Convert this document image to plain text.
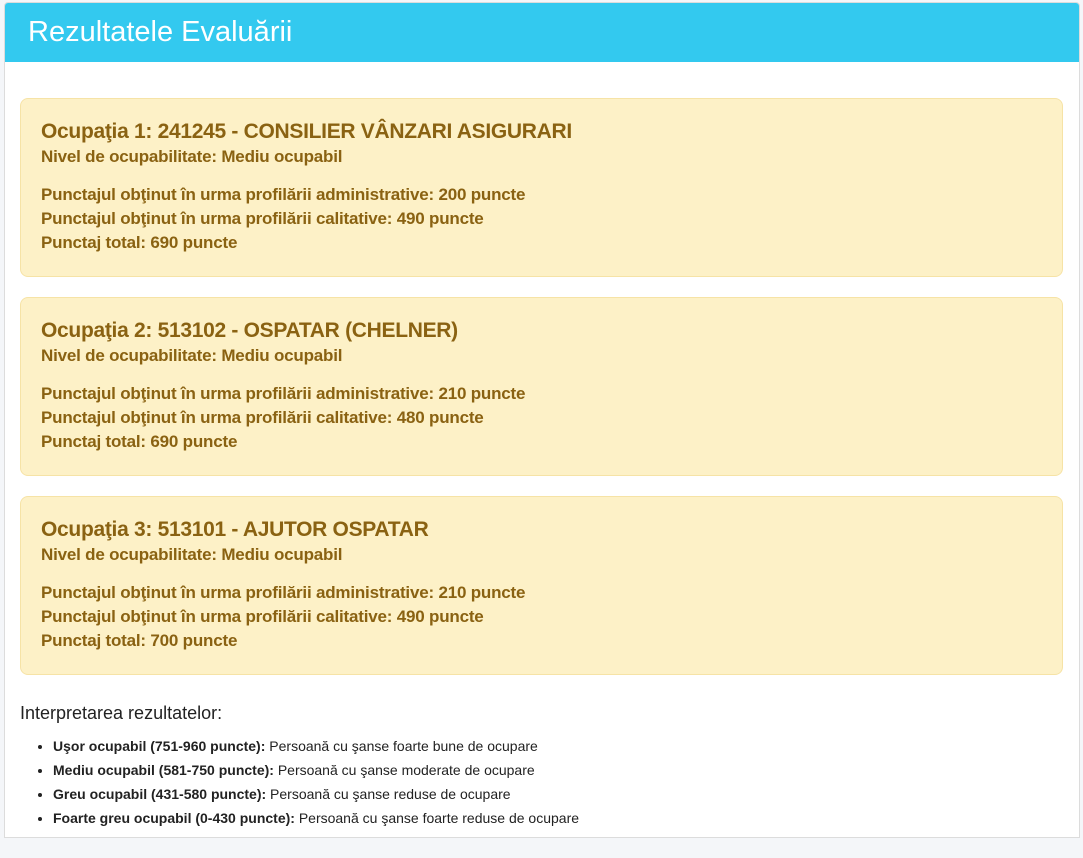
Rezultatele Evaluării
Ocupaţia 1: 241245 - CONSILIER VÂNZARI ASIGURARI
Nivel de ocupabilitate: Mediu ocupabil
Punctajul obţinut în urma profilării administrative: 200 puncte
Punctajul obţinut în urma profilării calitative: 490 puncte
Punctaj total: 690 puncte
Ocupaţia 2: 513102 - OSPATAR (CHELNER)
Nivel de ocupabilitate: Mediu ocupabil
Punctajul obţinut în urma profilării administrative: 210 puncte
Punctajul obţinut în urma profilării calitative: 480 puncte
Punctaj total: 690 puncte
Ocupaţia 3: 513101 - AJUTOR OSPATAR
Nivel de ocupabilitate: Mediu ocupabil
Punctajul obţinut în urma profilării administrative: 210 puncte
Punctajul obţinut în urma profilării calitative: 490 puncte
Punctaj total: 700 puncte
Interpretarea rezultatelor:
• Uşor ocupabil (751-960 puncte): Persoană cu şanse foarte bune de ocupare
• Mediu ocupabil (581-750 puncte): Persoană cu şanse moderate de ocupare
• Greu ocupabil (431-580 puncte): Persoană cu şanse reduse de ocupare
• Foarte greu ocupabil (0-430 puncte): Persoană cu şanse foarte reduse de ocupare
